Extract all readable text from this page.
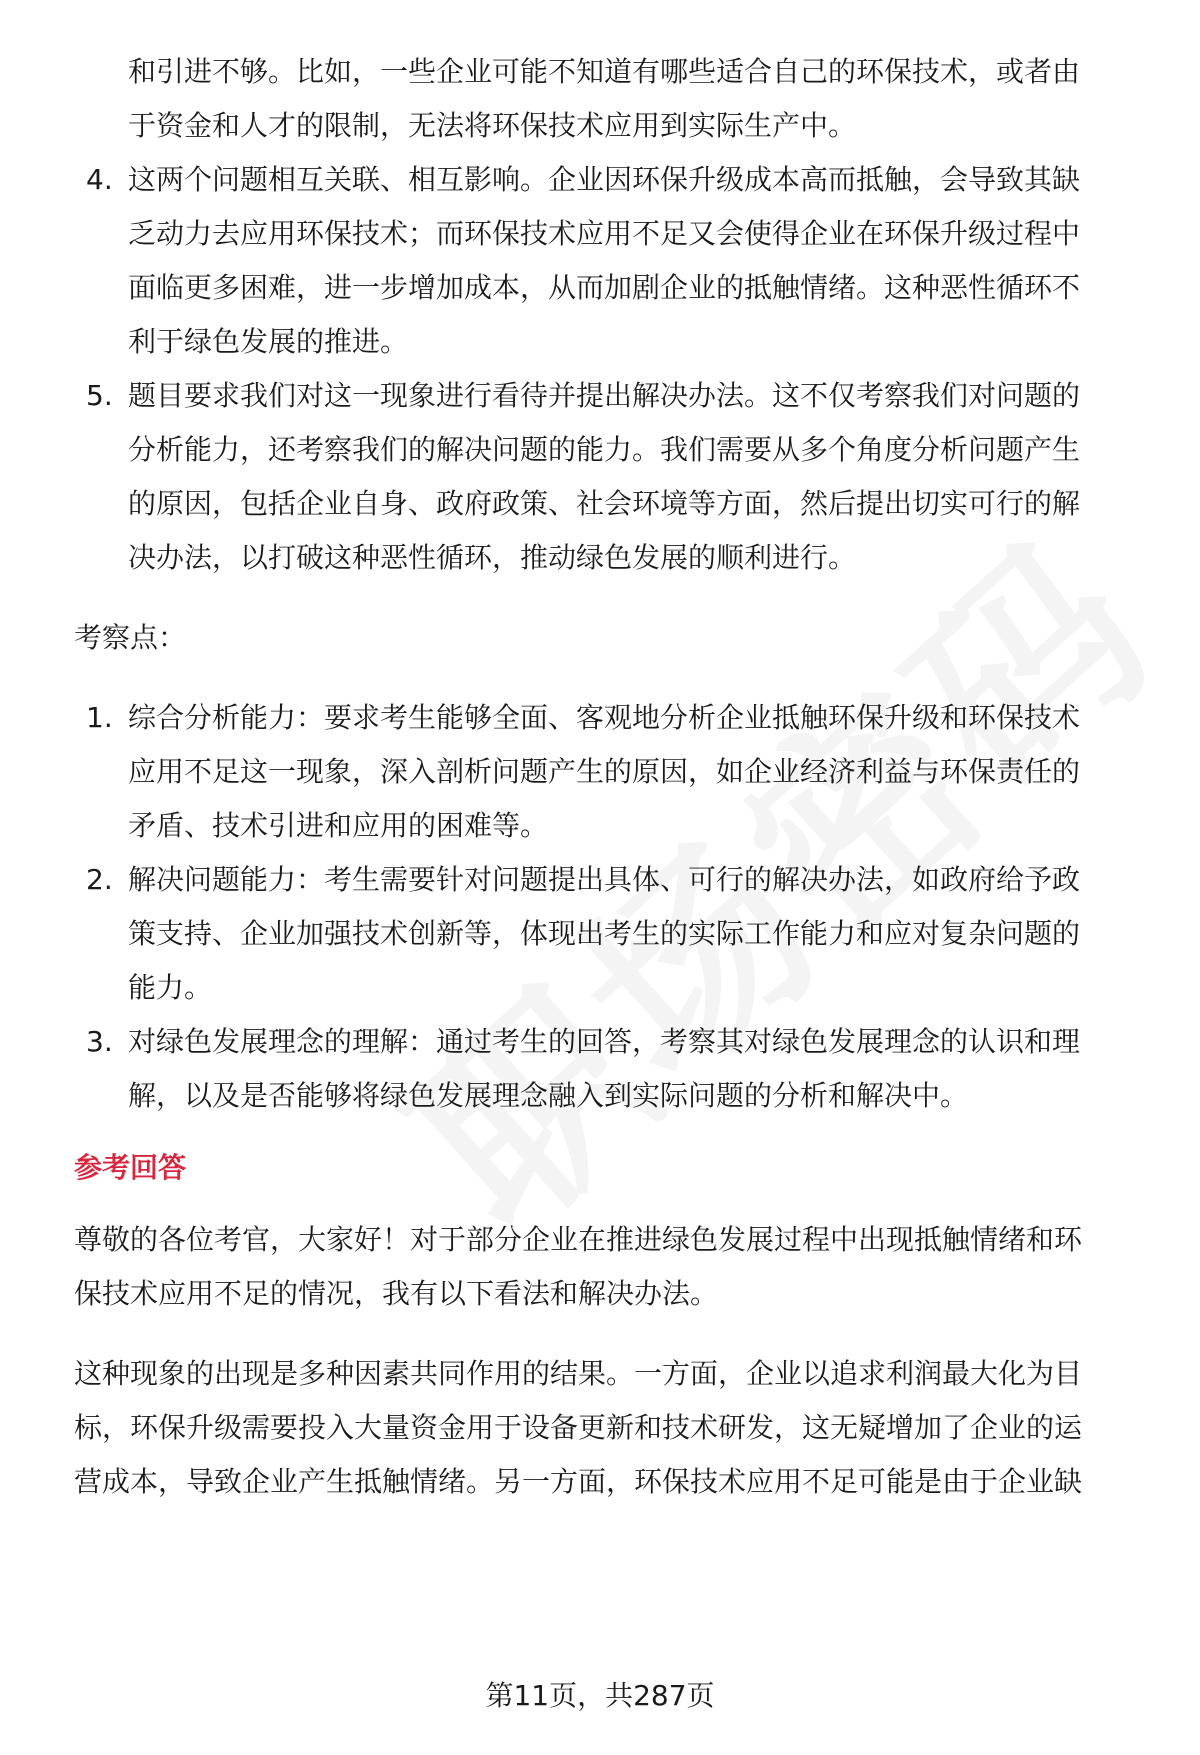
和引进不够。比如，一些企业可能不知道有哪些适合自己的环保技术，或者由
于资金和人才的限制，无法将环保技术应用到实际生产中。
4. 这两个问题相互关联、相互影响。企业因环保升级成本高而抵触，会导致其缺
乏动力去应用环保技术；而环保技术应用不足又会使得企业在环保升级过程中
面临更多困难，进一步增加成本，从而加剧企业的抵触情绪。这种恶性循环不
利于绿色发展的推进。
5. 题目要求我们对这一现象进行看待并提出解决办法。这不仅考察我们对问题的
分析能力，还考察我们的解决问题的能力。我们需要从多个角度分析问题产生
的原因，包括企业自身、政府政策、社会环境等方面，然后提出切实可行的解
决办法，以打破这种恶性循环，推动绿色发展的顺利进行。
考察点：
1. 综合分析能力：要求考生能够全面、客观地分析企业抵触环保升级和环保技术
应用不足这一现象，深入剖析问题产生的原因，如企业经济利益与环保责任的
矛盾、技术引进和应用的困难等。
2. 解决问题能力：考生需要针对问题提出具体、可行的解决办法，如政府给予政
策支持、企业加强技术创新等，体现出考生的实际工作能力和应对复杂问题的
能力。
3. 对绿色发展理念的理解：通过考生的回答，考察其对绿色发展理念的认识和理
解，以及是否能够将绿色发展理念融入到实际问题的分析和解决中。
参考回答
尊敬的各位考官，大家好！对于部分企业在推进绿色发展过程中出现抵触情绪和环
保技术应用不足的情况，我有以下看法和解决办法。
这种现象的出现是多种因素共同作用的结果。一方面，企业以追求利润最大化为目
标，环保升级需要投入大量资金用于设备更新和技术研发，这无疑增加了企业的运
营成本，导致企业产生抵触情绪。另一方面，环保技术应用不足可能是由于企业缺
第11页，共287页
